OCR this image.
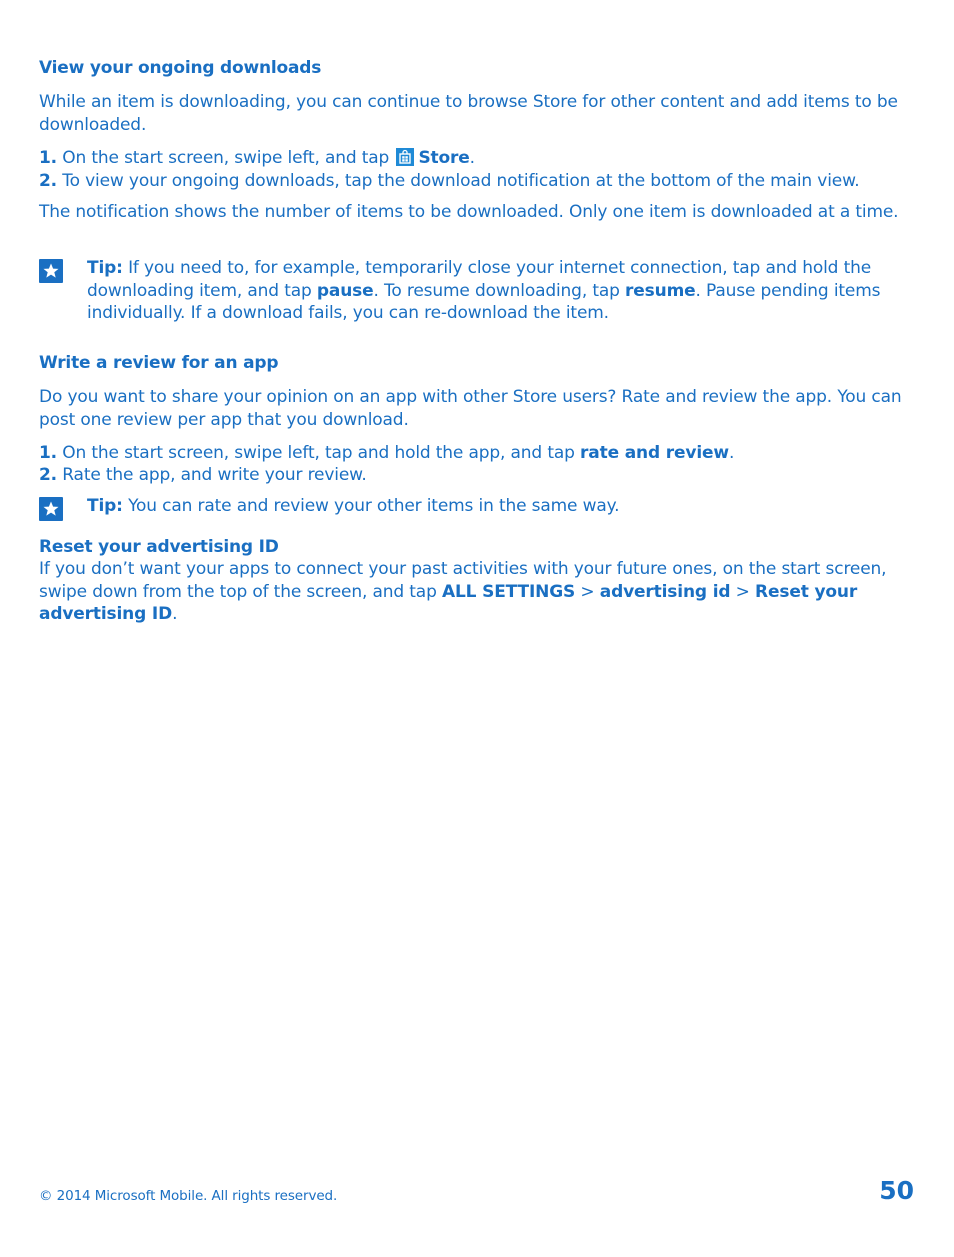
View your ongoing downloads

While an item is downloading, you can continue to browse Store for other content and add items to be downloaded.

1. On the start screen, swipe left, and tap Store.

2. To view your ongoing downloads, tap the download notification at the bottom of the main view.

The notification shows the number of items to be downloaded. Only one item is downloaded at a time.

Tip: If you need to, for example, temporarily close your internet connection, tap and hold the downloading item, and tap pause. To resume downloading, tap resume. Pause pending items individually. If a download fails, you can re-download the item.
Write a review for an app

Do you want to share your opinion on an app with other Store users? Rate and review the app. You can post one review per app that you download.

1. On the start screen, swipe left, tap and hold the app, and tap rate and review.

2. Rate the app, and write your review.

Tip: You can rate and review your other items in the same way.
Reset your advertising ID

If you don’t want your apps to connect your past activities with your future ones, on the start screen, swipe down from the top of the screen, and tap ALL SETTINGS > advertising id > Reset your advertising ID.

© 2014 Microsoft Mobile. All rights reserved.	50
